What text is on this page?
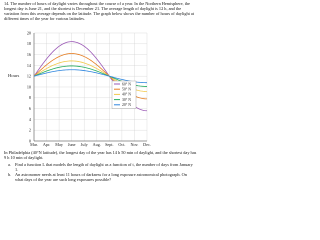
14. The number of hours of daylight varies throughout the course of a year. In the Northern Hemisphere, the longest day is June 21, and the shortest is December 21. The average length of daylight is 12 h, and the variation from this average depends on the latitude. The graph below shows the number of hours of daylight at different times of the year for various latitudes.
Hours
0
2
4
6
8
10
12
14
16
18
20
Mar. Apr. May June July Aug. Sept. Oct. Nov. Dec.
60° N
50° N
40° N
30° N
20° N
In Philadelphia (40°N latitude), the longest day of the year has 14 h 50 min of daylight, and the shortest day has 9 h 10 min of daylight.
a. Find a function L that models the length of daylight as a function of t, the number of days from January 1.
b. An astronomer needs at least 11 hours of darkness for a long exposure astronomical photograph. On what days of the year are such long exposures possible?
